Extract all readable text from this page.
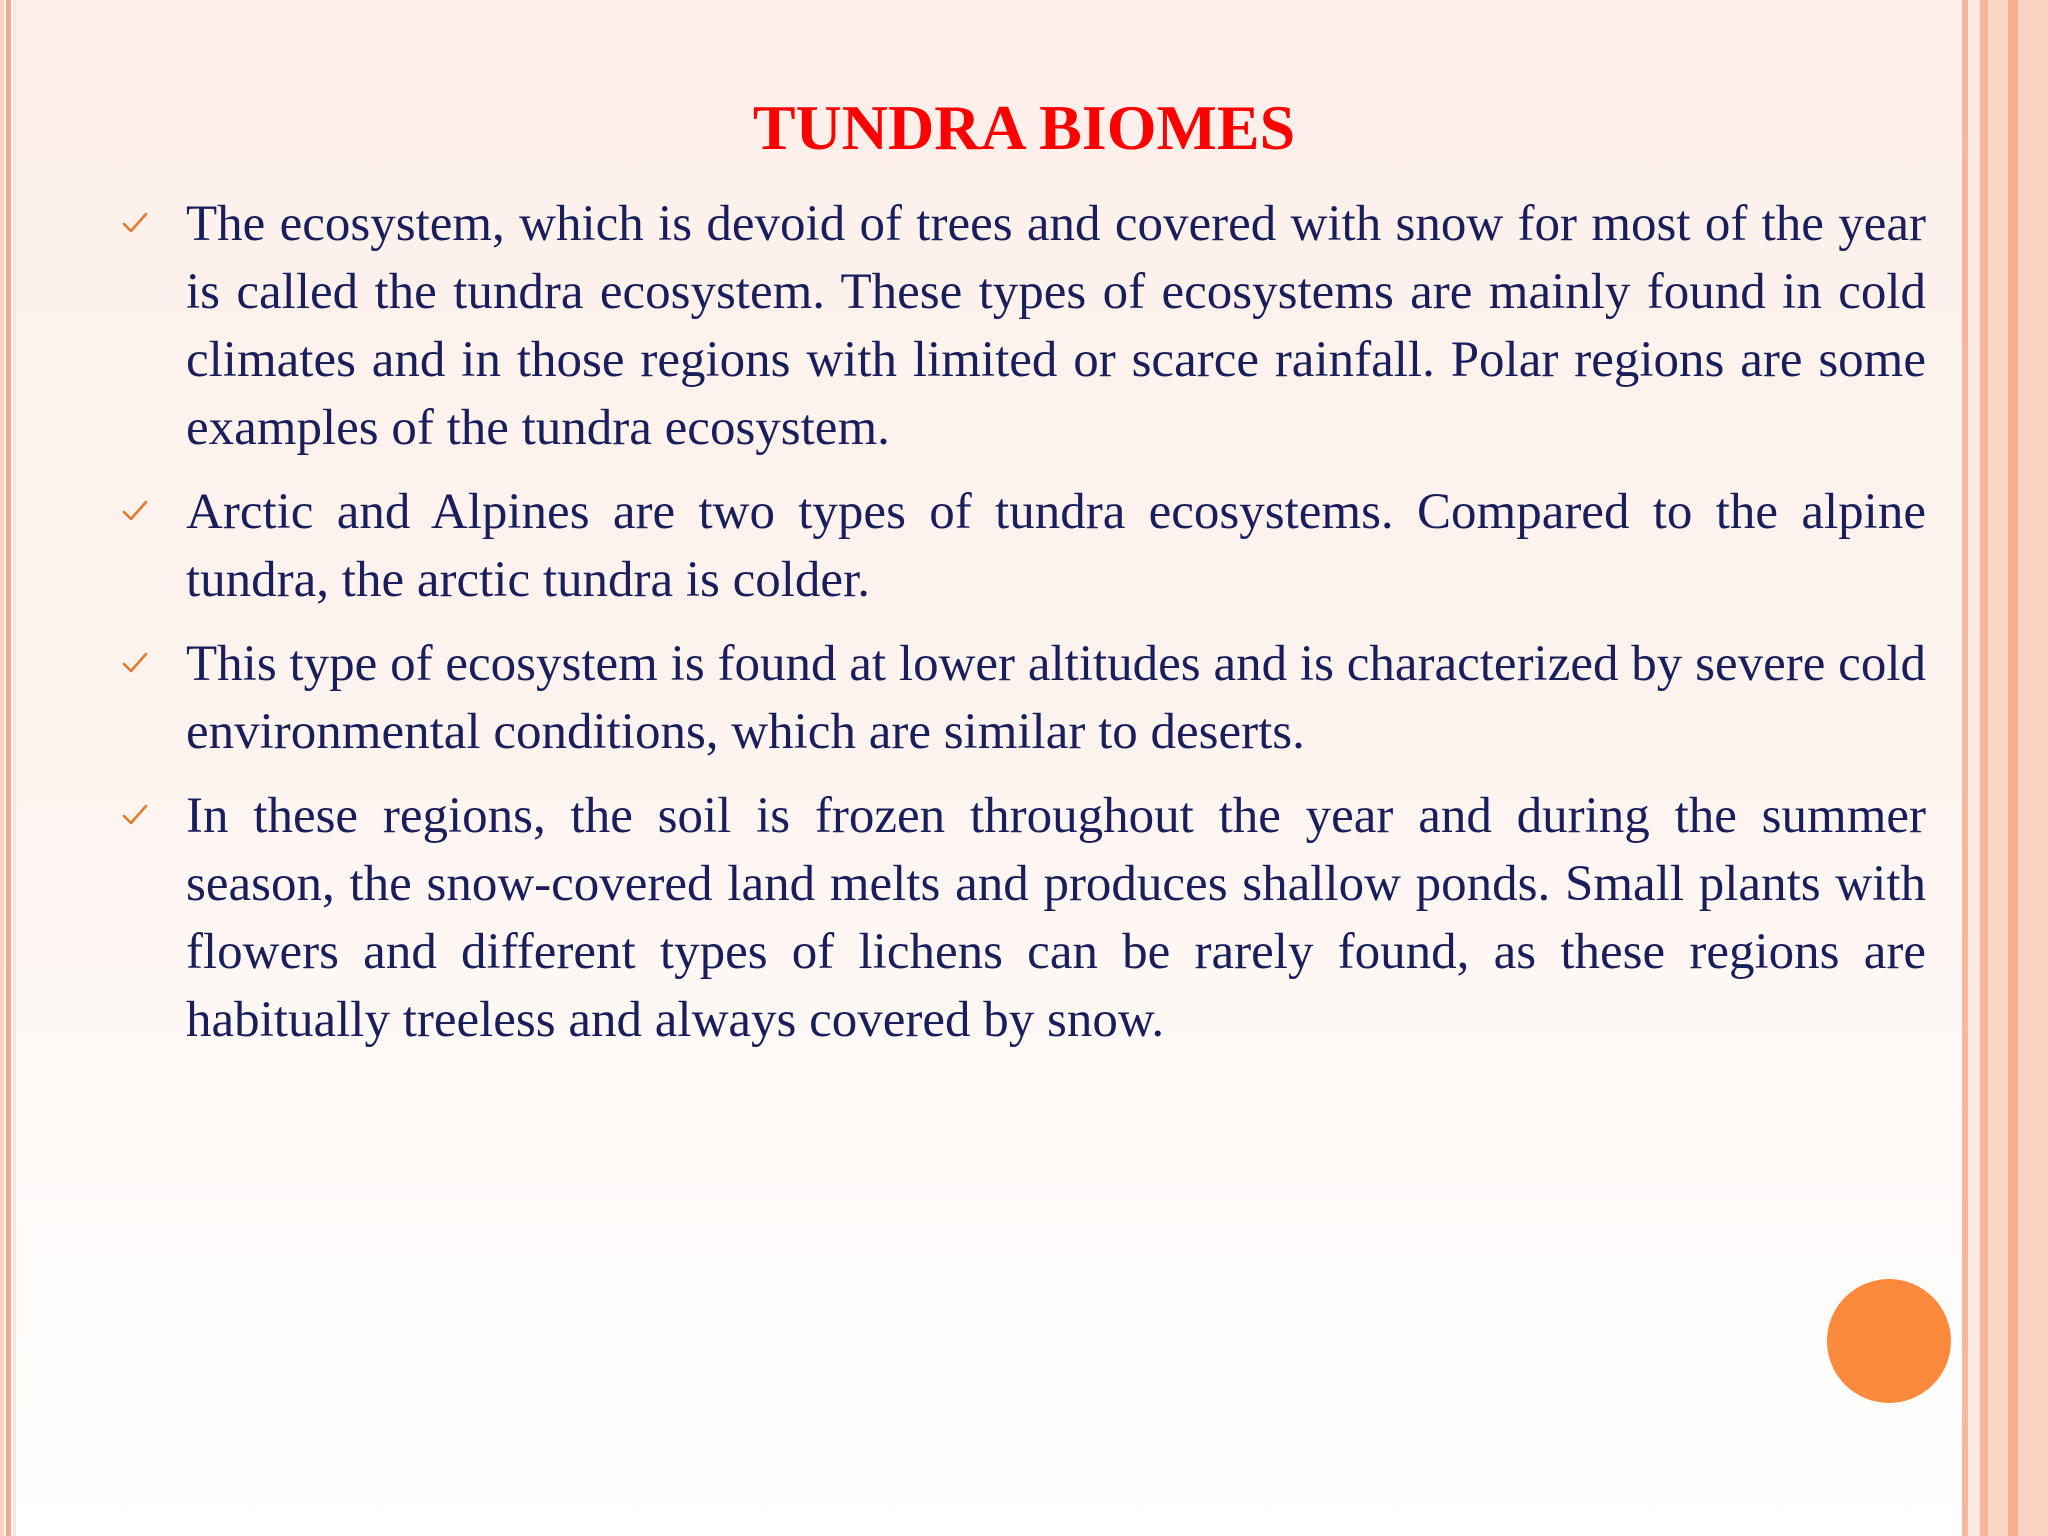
TUNDRA BIOMES
The ecosystem, which is devoid of trees and covered with snow for most of the year is called the tundra ecosystem. These types of ecosystems are mainly found in cold climates and in those regions with limited or scarce rainfall. Polar regions are some examples of the tundra ecosystem.
Arctic and Alpines are two types of tundra ecosystems. Compared to the alpine tundra, the arctic tundra is colder.
This type of ecosystem is found at lower altitudes and is characterized by severe cold environmental conditions, which are similar to deserts.
In these regions, the soil is frozen throughout the year and during the summer season, the snow-covered land melts and produces shallow ponds. Small plants with flowers and different types of lichens can be rarely found, as these regions are habitually treeless and always covered by snow.
